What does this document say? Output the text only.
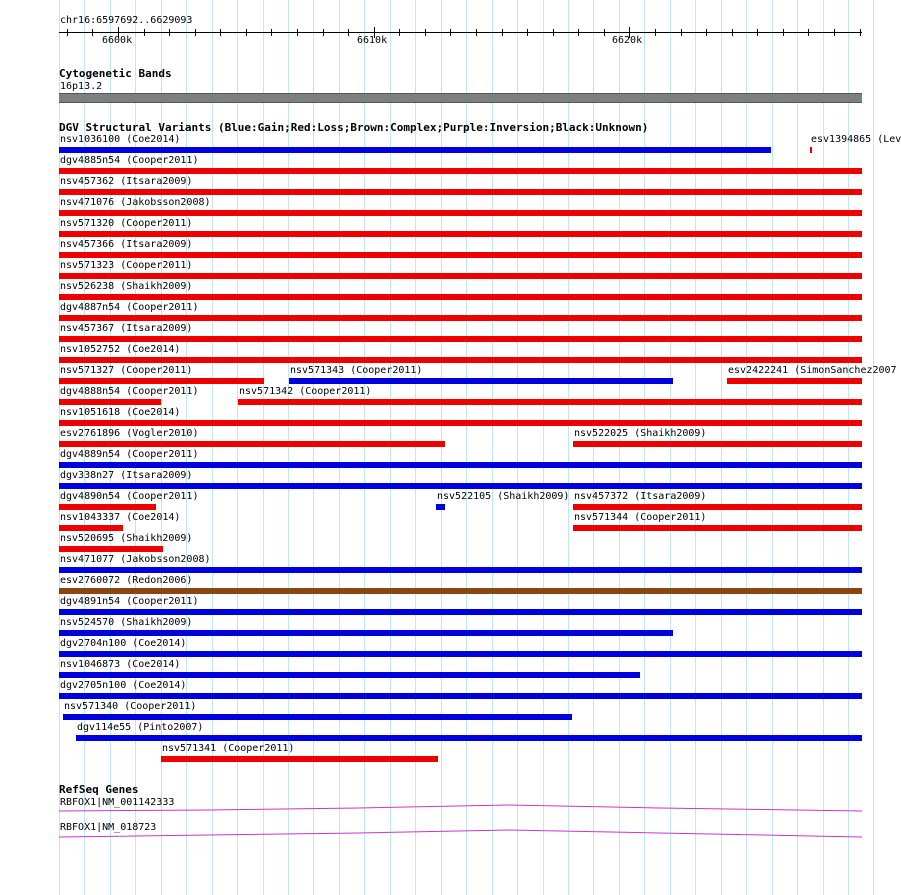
chr16:6597692..6629093
6600k	6610k	6620k
Cytogenetic Bands
16p13.2
DGV Structural Variants (Blue:Gain;Red:Loss;Brown:Complex;Purple:Inversion;Black:Unknown)
nsv1036100 (Coe2014)	esv1394865 (Lev
dgv4885n54 (Cooper2011)
nsv457362 (Itsara2009)
nsv471076 (Jakobsson2008)
nsv571320 (Cooper2011)
nsv457366 (Itsara2009)
nsv571323 (Cooper2011)
nsv526238 (Shaikh2009)
dgv4887n54 (Cooper2011)
nsv457367 (Itsara2009)
nsv1052752 (Coe2014)
nsv571327 (Cooper2011)	nsv571343 (Cooper2011)	esv2422241 (SimonSanchez2007
dgv4888n54 (Cooper2011)	nsv571342 (Cooper2011)
nsv1051618 (Coe2014)
esv2761896 (Vogler2010)	nsv522025 (Shaikh2009)
dgv4889n54 (Cooper2011)
dgv338n27 (Itsara2009)
dgv4890n54 (Cooper2011)	nsv522105 (Shaikh2009) nsv457372 (Itsara2009)
nsv1043337 (Coe2014)	nsv571344 (Cooper2011)
nsv520695 (Shaikh2009)
nsv471077 (Jakobsson2008)
esv2760072 (Redon2006)
dgv4891n54 (Cooper2011)
nsv524570 (Shaikh2009)
dgv2704n100 (Coe2014)
nsv1046873 (Coe2014)
dgv2705n100 (Coe2014)
nsv571340 (Cooper2011)
dgv114e55 (Pinto2007)
nsv571341 (Cooper2011)
RefSeq Genes
RBFOX1|NM_001142333
RBFOX1|NM_018723
